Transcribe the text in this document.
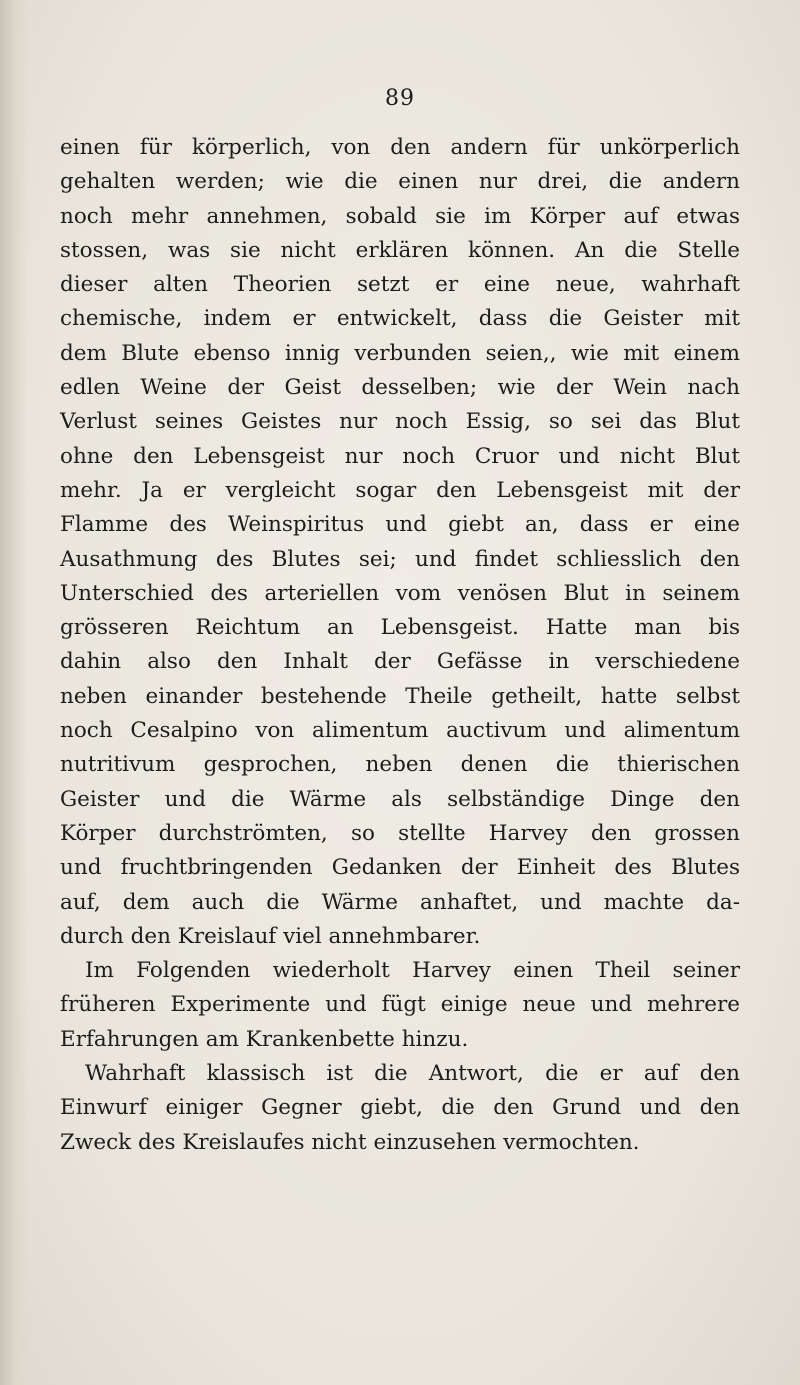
89
einen für körperlich, von den andern für unkörperlich
gehalten werden; wie die einen nur drei, die andern
noch mehr annehmen, sobald sie im Körper auf etwas
stossen, was sie nicht erklären können. An die Stelle
dieser alten Theorien setzt er eine neue, wahrhaft
chemische, indem er entwickelt, dass die Geister mit
dem Blute ebenso innig verbunden seien,, wie mit einem
edlen Weine der Geist desselben; wie der Wein nach
Verlust seines Geistes nur noch Essig, so sei das Blut
ohne den Lebensgeist nur noch Cruor und nicht Blut
mehr. Ja er vergleicht sogar den Lebensgeist mit der
Flamme des Weinspiritus und giebt an, dass er eine
Ausathmung des Blutes sei; und findet schliesslich den
Unterschied des arteriellen vom venösen Blut in seinem
grösseren Reichtum an Lebensgeist. Hatte man bis
dahin also den Inhalt der Gefässe in verschiedene
neben einander bestehende Theile getheilt, hatte selbst
noch Cesalpino von alimentum auctivum und alimentum
nutritivum gesprochen, neben denen die thierischen
Geister und die Wärme als selbständige Dinge den
Körper durchströmten, so stellte Harvey den grossen
und fruchtbringenden Gedanken der Einheit des Blutes
auf, dem auch die Wärme anhaftet, und machte da-
durch den Kreislauf viel annehmbarer.
Im Folgenden wiederholt Harvey einen Theil seiner
früheren Experimente und fügt einige neue und mehrere
Erfahrungen am Krankenbette hinzu.
Wahrhaft klassisch ist die Antwort, die er auf den
Einwurf einiger Gegner giebt, die den Grund und den
Zweck des Kreislaufes nicht einzusehen vermochten.
